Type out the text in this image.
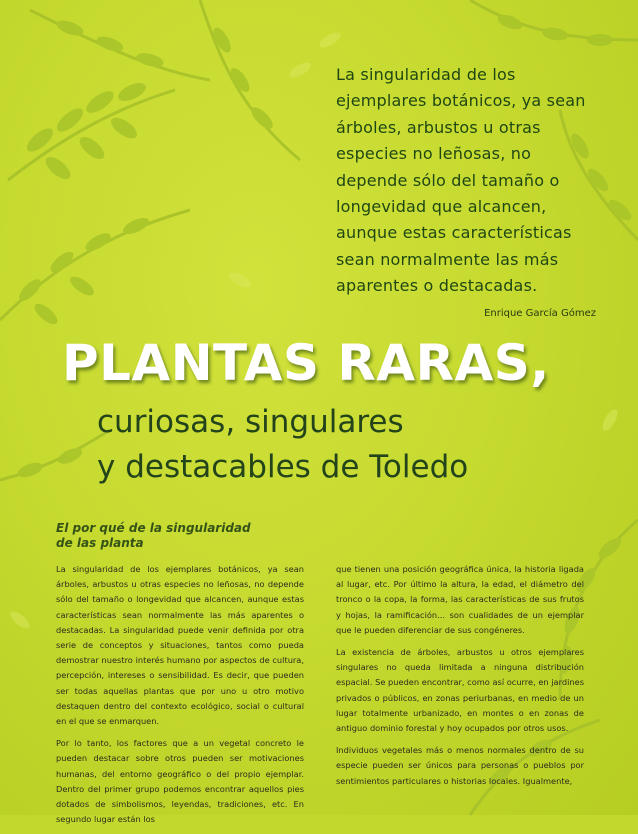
La singularidad de los ejemplares botánicos, ya sean árboles, arbustos u otras especies no leñosas, no depende sólo del tamaño o longevidad que alcancen, aunque estas características sean normalmente las más aparentes o destacadas.
Enrique García Gómez
PLANTAS RARAS,
curiosas, singulares
y destacables de Toledo
El por qué de la singularidad de las planta

La singularidad de los ejemplares botánicos, ya sean árboles, arbustos u otras especies no leñosas, no depende sólo del tamaño o longevidad que alcancen, aunque estas características sean normalmente las más aparentes o destacadas. La singularidad puede venir definida por otra serie de conceptos y situaciones, tantos como pueda demostrar nuestro interés humano por aspectos de cultura, percepción, intereses o sensibilidad. Es decir, que pueden ser todas aquellas plantas que por uno u otro motivo destaquen dentro del contexto ecológico, social o cultural en el que se enmarquen.

Por lo tanto, los factores que a un vegetal concreto le pueden destacar sobre otros pueden ser motivaciones humanas, del entorno geográfico o del propio ejemplar. Dentro del primer grupo podemos encontrar aquellos pies dotados de simbolismos, leyendas, tradiciones, etc. En segundo lugar están los

que tienen una posición geográfica única, la historia ligada al lugar, etc. Por último la altura, la edad, el diámetro del tronco o la copa, la forma, las características de sus frutos y hojas, la ramificación... son cualidades de un ejemplar que le pueden diferenciar de sus congéneres.

La existencia de árboles, arbustos u otros ejemplares singulares no queda limitada a ninguna distribución espacial. Se pueden encontrar, como así ocurre, en jardines privados o públicos, en zonas periurbanas, en medio de un lugar totalmente urbanizado, en montes o en zonas de antiguo dominio forestal y hoy ocupados por otros usos.

Individuos vegetales más o menos normales dentro de su especie pueden ser únicos para personas o pueblos por sentimientos particulares o historias locales. Igualmente,
